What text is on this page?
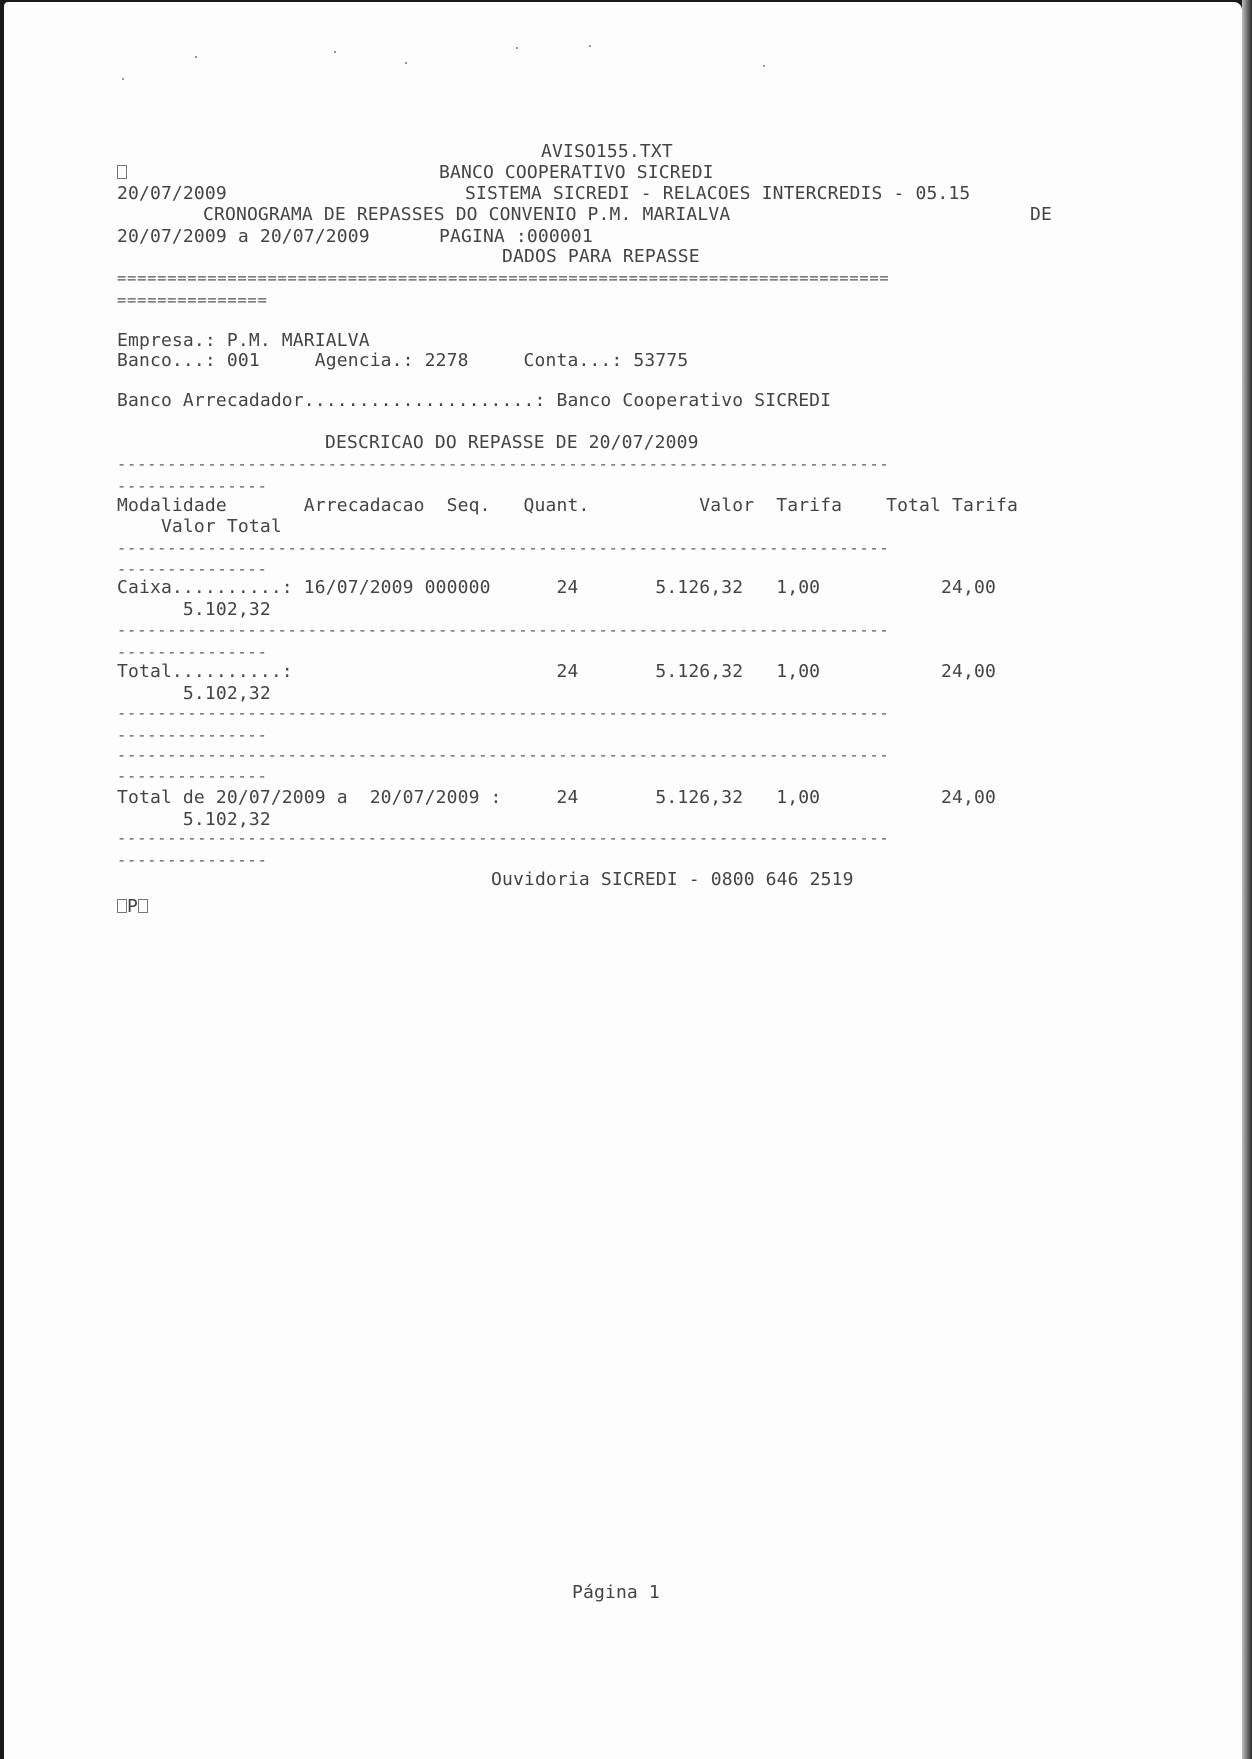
AVISO155.TXT
BANCO COOPERATIVO SICREDI
20/07/2009	SISTEMA SICREDI - RELACOES INTERCREDIS - 05.15
CRONOGRAMA DE REPASSES DO CONVENIO P.M. MARIALVA	DE
20/07/2009 a 20/07/2009	PAGINA :000001
DADOS PARA REPASSE
=============================================================================
===============
Empresa.: P.M. MARIALVA
Banco...: 001     Agencia.: 2278     Conta...: 53775
Banco Arrecadador.....................: Banco Cooperativo SICREDI
DESCRICAO DO REPASSE DE 20/07/2009
-----------------------------------------------------------------------------
---------------
Modalidade       Arrecadacao  Seq.   Quant.          Valor  Tarifa    Total Tarifa
Valor Total
-----------------------------------------------------------------------------
---------------
Caixa..........: 16/07/2009 000000      24       5.126,32   1,00           24,00
5.102,32
-----------------------------------------------------------------------------
---------------
Total..........:                        24       5.126,32   1,00           24,00
5.102,32
-----------------------------------------------------------------------------
---------------
-----------------------------------------------------------------------------
---------------
Total de 20/07/2009 a  20/07/2009 :     24       5.126,32   1,00           24,00
5.102,32
-----------------------------------------------------------------------------
---------------
Ouvidoria SICREDI - 0800 646 2519
P
Página 1
